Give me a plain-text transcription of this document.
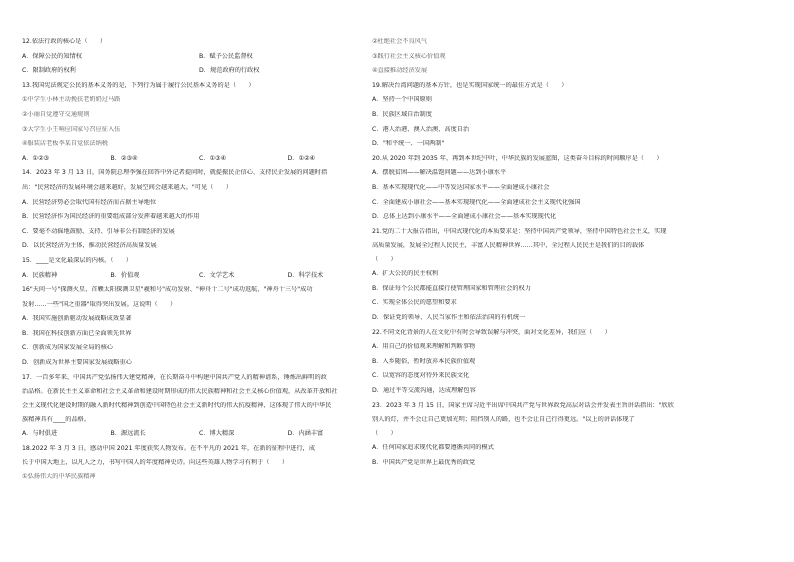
12.依法行政的核心是（　　）
A．保障公民的知情权	B．赋予公民监督权
C．限制政府的权利	D．规范政府的行政权
13.我国宪法规定公民的基本义务的是，下列行为属于履行公民基本义务的是（　　）
①中学生小林主动挽扶老奶奶过马路
②小丽自觉遵守交通规则
③大学生小王响应国家号召应征入伍
④服装店老板李某自觉依法纳税
A．①②③	B．②③④	C．①③④	D．①②④
14．2023 年 3 月 13 日，国务院总理李强在回答中外记者提问时，就提振民企信心、支持民企发展的问题时指
出："民营经济的发展环境会越来越好，发展空间会越来越大。"可见（　　）
A．民营经济势必会取代国有经济而占据主导地位
B．民营经济作为国民经济的重要组成部分发挥着越来越大的作用
C．要毫不动摇地鼓励、支持、引导非公有制经济的发展
D．以民营经济为主体，推动民营经济高质量发展
15．____是文化最深层的内核。（　　）
A．民族精神	B．价值观	C．文学艺术	D．科学技术
16"天问一号"探测火星、首颗太阳探测卫星"羲和号"成功发射、"神舟十二号"成功返航、"神舟十三号"成功
发射……一些"国之重器"取得突出发展。这说明（　　）
A．我国实施创新驱动发展战略成效显著
B．我国在科技创新方面已全面领先世界
C．创新成为国家发展全局的核心
D．创新成为世界主要国家发展战略重心
17．一百多年来，中国共产党弘扬伟大建党精神，在长期奋斗中构建中国共产党人的精神谱系，锤炼出鲜明的政
治品格。在新民主主义革命和社会主义革命和建设时期形成的伟大民族精神和社会主义核心价值观，从改革开放和社
会主义现代化建设时期的融入新时代精神到创造中国特色社会主义新时代的伟大抗疫精神，这体现了伟大的中华民
族精神具有____的品格。
A．与时俱进	B．源远流长	C．博大精深	D．内涵丰富
18.2022 年 3 月 3 日，感动中国 2021 年度获奖人物发布。在不平凡的 2021 年，在新的征程中进行，成
长于中国大地上，以凡人之力，书写中国人的年度精神史诗。向这些英雄人物学习有利于（　　）
①弘扬伟大的中华民族精神
②杜绝社会不良风气
③践行社会主义核心价值观
④直接推动经济发展
19.解决台湾问题的基本方针，也是实现国家统一的最佳方式是（　　）
A．坚持一个中国原则
B．民族区域自治制度
C．港人治港、澳人治澳、高度自治
D．"和平统一、一国两制"
20.从 2020 年到 2035 年，再到本世纪中叶，中华民族的发展蓝图，这类奋斗目标的时间顺序是（　　）
A．摆脱贫困——解决温饱问题——达到小康水平
B．基本实现现代化——中等发达国家水平——全面建成小康社会
C．全面建成小康社会——基本实现现代化——全面建成社会主义现代化强国
D．总体上达到小康水平——全面建成小康社会——基本实现现代化
21.党的二十大报告指出，中国式现代化的本质要求是：坚持中国共产党领导，坚持中国特色社会主义，实现
高质量发展，发展全过程人民民主，丰富人民精神世界……其中，全过程人民民主是我们的目的载体
（　　）
A．扩大公民的民主权利
B．保证每个公民都能直接行使管理国家和管理社会的权力
C．实现全体公民的愿望和要求
D．保证党的领导、人民当家作主和依法治国的有机统一
22.不同文化背景的人在文化中有时会导致误解与冲突，面对文化差异，我们应（　　）
A．用自己的价值观来理解和判断事物
B．入乡随俗，暂时放弃本民族价值观
C．以宽容的态度对待外来民族文化
D．通过平等交流沟通，达成理解包容
23．2023 年 3 月 15 日，国家主席习近平出席中国共产党与世界政党高层对话会并发表主旨讲话指出："欣欣
别人的灯，并不会让自己更加光明；阻挡别人的路，也不会让自己行得更远。"以上的讲话体现了
（　　）
A．任何国家追求现代化都要遵循共同的模式
B．中国共产党是世界上最优秀的政党
